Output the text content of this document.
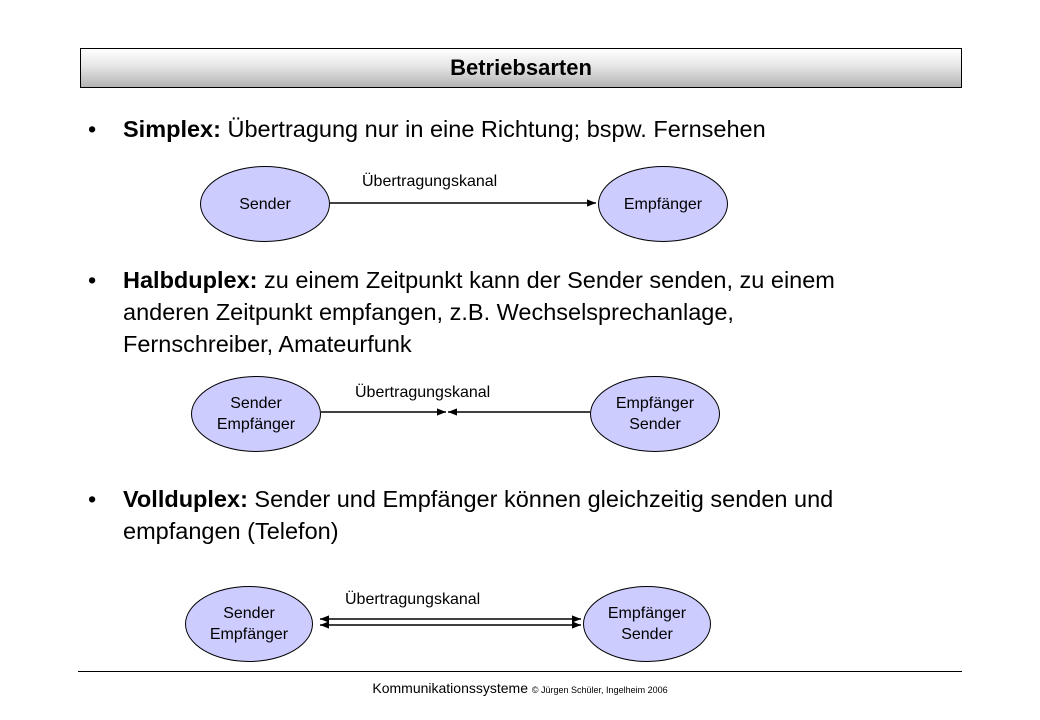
Betriebsarten
• Simplex: Übertragung nur in eine Richtung; bspw. Fernsehen
Sender	Empfänger
Übertragungskanal
• Halbduplex: zu einem Zeitpunkt kann der Sender senden, zu einem
anderen Zeitpunkt empfangen, z.B. Wechselsprechanlage,
Fernschreiber, Amateurfunk
Sender
Empfänger
Empfänger
Sender
Übertragungskanal
• Vollduplex: Sender und Empfänger können gleichzeitig senden und
empfangen (Telefon)
Sender
Empfänger
Empfänger
Sender
Übertragungskanal
Kommunikationssysteme © Jürgen Schüler, Ingelheim 2006
